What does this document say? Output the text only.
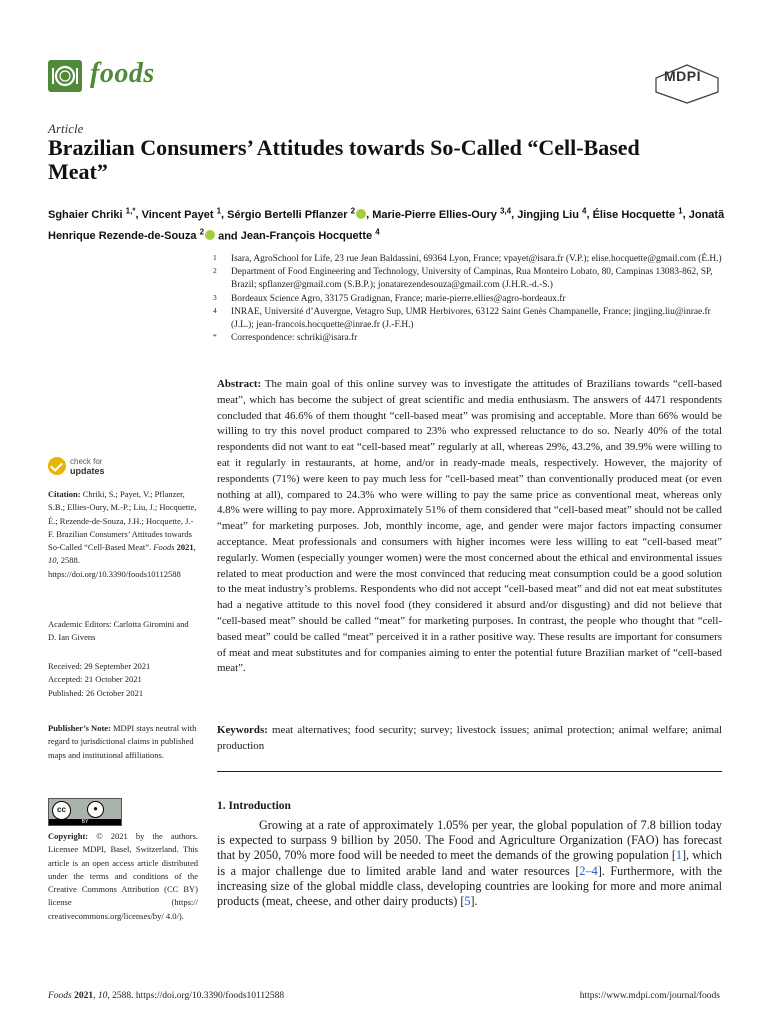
foods	MDPI
Article
Brazilian Consumers’ Attitudes towards So-Called “Cell-Based Meat”
Sghaier Chriki $^{1,*}$, Vincent Payet $^1$, Sérgio Bertelli Pflanzer $^2$ , Marie-Pierre Ellies-Oury $^{3,4}$, Jingjing Liu $^4$, Élise Hocquette $^1$, Jonatã Henrique Rezende-de-Souza $^2$ and Jean-François Hocquette $^4$
1 Isara, AgroSchool for Life, 23 rue Jean Baldassini, 69364 Lyon, France; vpayet@isara.fr (V.P.); elise.hocquette@gmail.com (É.H.)
2 Department of Food Engineering and Technology, University of Campinas, Rua Monteiro Lobato, 80, Campinas 13083-862, SP, Brazil; spflanzer@gmail.com (S.B.P.); jonatarezendesouza@gmail.com (J.H.R.-d.-S.)
3 Bordeaux Science Agro, 33175 Gradignan, France; marie-pierre.ellies@agro-bordeaux.fr
4 INRAE, Université d’Auvergne, Vetagro Sup, UMR Herbivores, 63122 Saint Genès Champanelle, France; jingjing.liu@inrae.fr (J.L.); jean-francois.hocquette@inrae.fr (J.-F.H.)
* Correspondence: schriki@isara.fr
check for
updates
Citation: Chriki, S.; Payet, V.; Pflanzer, S.B.; Ellies-Oury, M.-P.; Liu, J.; Hocquette, É.; Rezende-de-Souza, J.H.; Hocquette, J.-F. Brazilian Consumers’ Attitudes towards So-Called “Cell-Based Meat”. Foods 2021, 10, 2588. https://doi.org/10.3390/foods10112588
Academic Editors: Carlotta Giromini and D. Ian Givens
Received: 29 September 2021
Accepted: 21 October 2021
Published: 26 October 2021
Publisher’s Note: MDPI stays neutral with regard to jurisdictional claims in published maps and institutional affiliations.
cc	●
BY
Copyright: © 2021 by the authors. Licensee MDPI, Basel, Switzerland. This article is an open access article distributed under the terms and conditions of the Creative Commons Attribution (CC BY) license (https:// creativecommons.org/licenses/by/ 4.0/).
Abstract: The main goal of this online survey was to investigate the attitudes of Brazilians towards “cell-based meat”, which has become the subject of great scientific and media enthusiasm. The answers of 4471 respondents concluded that 46.6% of them thought “cell-based meat” was promising and acceptable. More than 66% would be willing to try this novel product compared to 23% who expressed reluctance to do so. Nearly 40% of the total respondents did not want to eat “cell-based meat” regularly at all, whereas 29%, 43.2%, and 39.9% were willing to eat it regularly in restaurants, at home, and/or in ready-made meals, respectively. However, the majority of respondents (71%) were keen to pay much less for “cell-based meat” than conventionally produced meat (or even nothing at all), compared to 24.3% who were willing to pay the same price as conventional meat, whereas only 4.8% were willing to pay more. Approximately 51% of them considered that “cell-based meat” should not be called “meat” for marketing purposes. Job, monthly income, age, and gender were major factors impacting consumer acceptance. Meat professionals and consumers with higher incomes were less willing to eat “cell-based meat” regularly. Women (especially younger women) were the most concerned about the ethical and environmental issues related to meat production and were the most convinced that reducing meat consumption could be a good solution to the meat industry’s problems. Respondents who did not accept “cell-based meat” and did not eat meat substitutes had a negative attitude to this novel food (they considered it absurd and/or disgusting) and did not believe that “cell-based meat” should be called “meat” for marketing purposes. In contrast, the people who thought that “cell-based meat” could be called “meat” perceived it in a rather positive way. These results are important for consumers of meat and meat substitutes and for companies aiming to enter the potential future Brazilian market of “cell-based meat”.
Keywords: meat alternatives; food security; survey; livestock issues; animal protection; animal welfare; animal production
1. Introduction
Growing at a rate of approximately 1.05% per year, the global population of 7.8 billion today is expected to surpass 9 billion by 2050. The Food and Agriculture Organization (FAO) has forecast that by 2050, 70% more food will be needed to meet the demands of the growing population [1], which is a major challenge due to limited arable land and water resources [2–4]. Furthermore, with the increasing size of the global middle class, developing countries are looking for more and more animal products (meat, cheese, and other dairy products) [5].
Foods 2021, 10, 2588. https://doi.org/10.3390/foods10112588	https://www.mdpi.com/journal/foods
